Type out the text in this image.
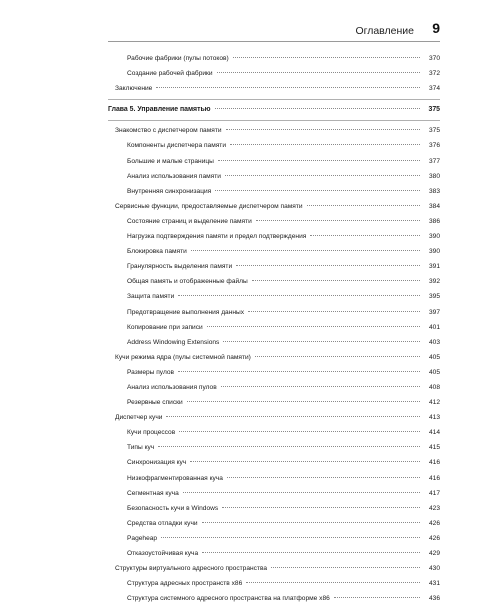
Оглавление 9
Рабочие фабрики (пулы потоков)	370
Создание рабочей фабрики	372
Заключение	374
Глава 5. Управление памятью	375
Знакомство с диспетчером памяти	375
Компоненты диспетчера памяти	376
Большие и малые страницы	377
Анализ использования памяти	380
Внутренняя синхронизация	383
Сервисные функции, предоставляемые диспетчером памяти	384
Состояние страниц и выделение памяти	386
Нагрузка подтверждения памяти и предел подтверждения	390
Блокировка памяти	390
Гранулярность выделения памяти	391
Общая память и отображенные файлы	392
Защита памяти	395
Предотвращение выполнения данных	397
Копирование при записи	401
Address Windowing Extensions	403
Кучи режима ядра (пулы системной памяти)	405
Размеры пулов	405
Анализ использования пулов	408
Резервные списки	412
Диспетчер кучи	413
Кучи процессов	414
Типы куч	415
Синхронизация куч	416
Низкофрагментированная куча	416
Сегментная куча	417
Безопасность кучи в Windows	423
Средства отладки кучи	426
Pageheap	426
Отказоустойчивая куча	429
Структуры виртуального адресного пространства	430
Структура адресных пространств x86	431
Структура системного адресного пространства на платформе x86	436
